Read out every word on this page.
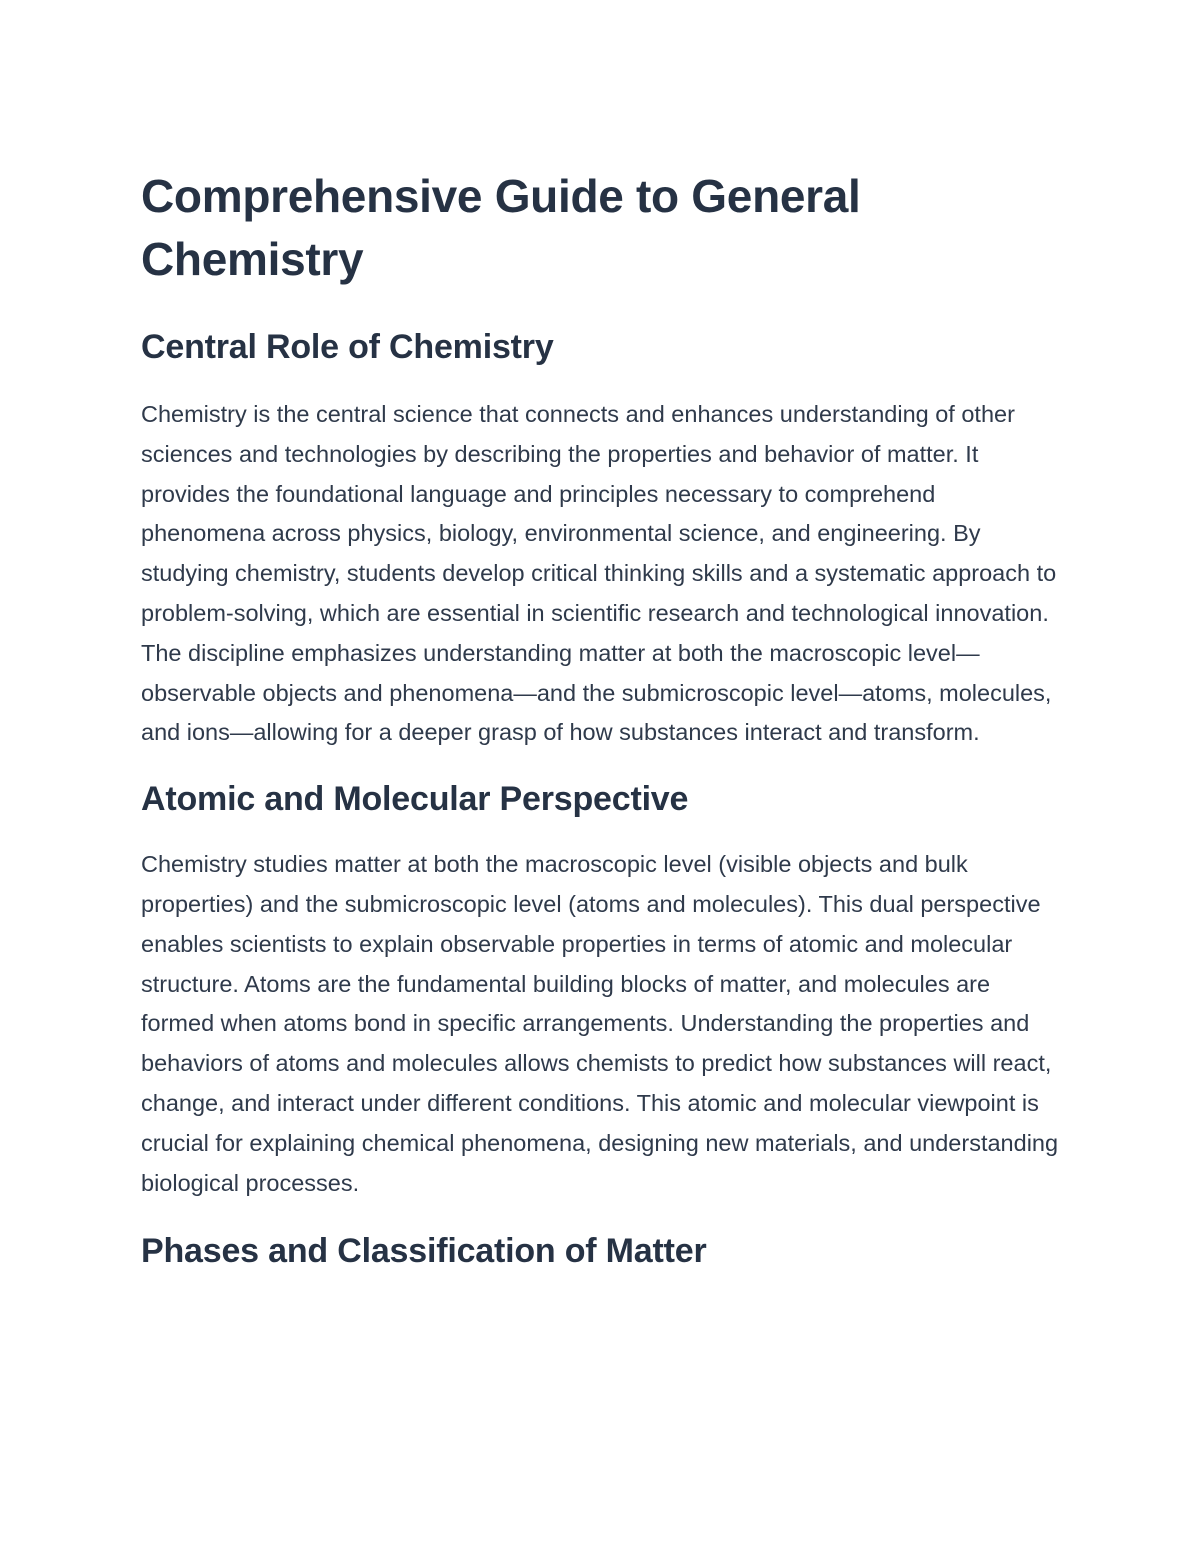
Comprehensive Guide to General Chemistry
Central Role of Chemistry

Chemistry is the central science that connects and enhances understanding of other sciences and technologies by describing the properties and behavior of matter. It provides the foundational language and principles necessary to comprehend phenomena across physics, biology, environmental science, and engineering. By studying chemistry, students develop critical thinking skills and a systematic approach to problem-solving, which are essential in scientific research and technological innovation. The discipline emphasizes understanding matter at both the macroscopic level—observable objects and phenomena—and the submicroscopic level—atoms, molecules, and ions—allowing for a deeper grasp of how substances interact and transform.

Atomic and Molecular Perspective

Chemistry studies matter at both the macroscopic level (visible objects and bulk properties) and the submicroscopic level (atoms and molecules). This dual perspective enables scientists to explain observable properties in terms of atomic and molecular structure. Atoms are the fundamental building blocks of matter, and molecules are formed when atoms bond in specific arrangements. Understanding the properties and behaviors of atoms and molecules allows chemists to predict how substances will react, change, and interact under different conditions. This atomic and molecular viewpoint is crucial for explaining chemical phenomena, designing new materials, and understanding biological processes.

Phases and Classification of Matter
